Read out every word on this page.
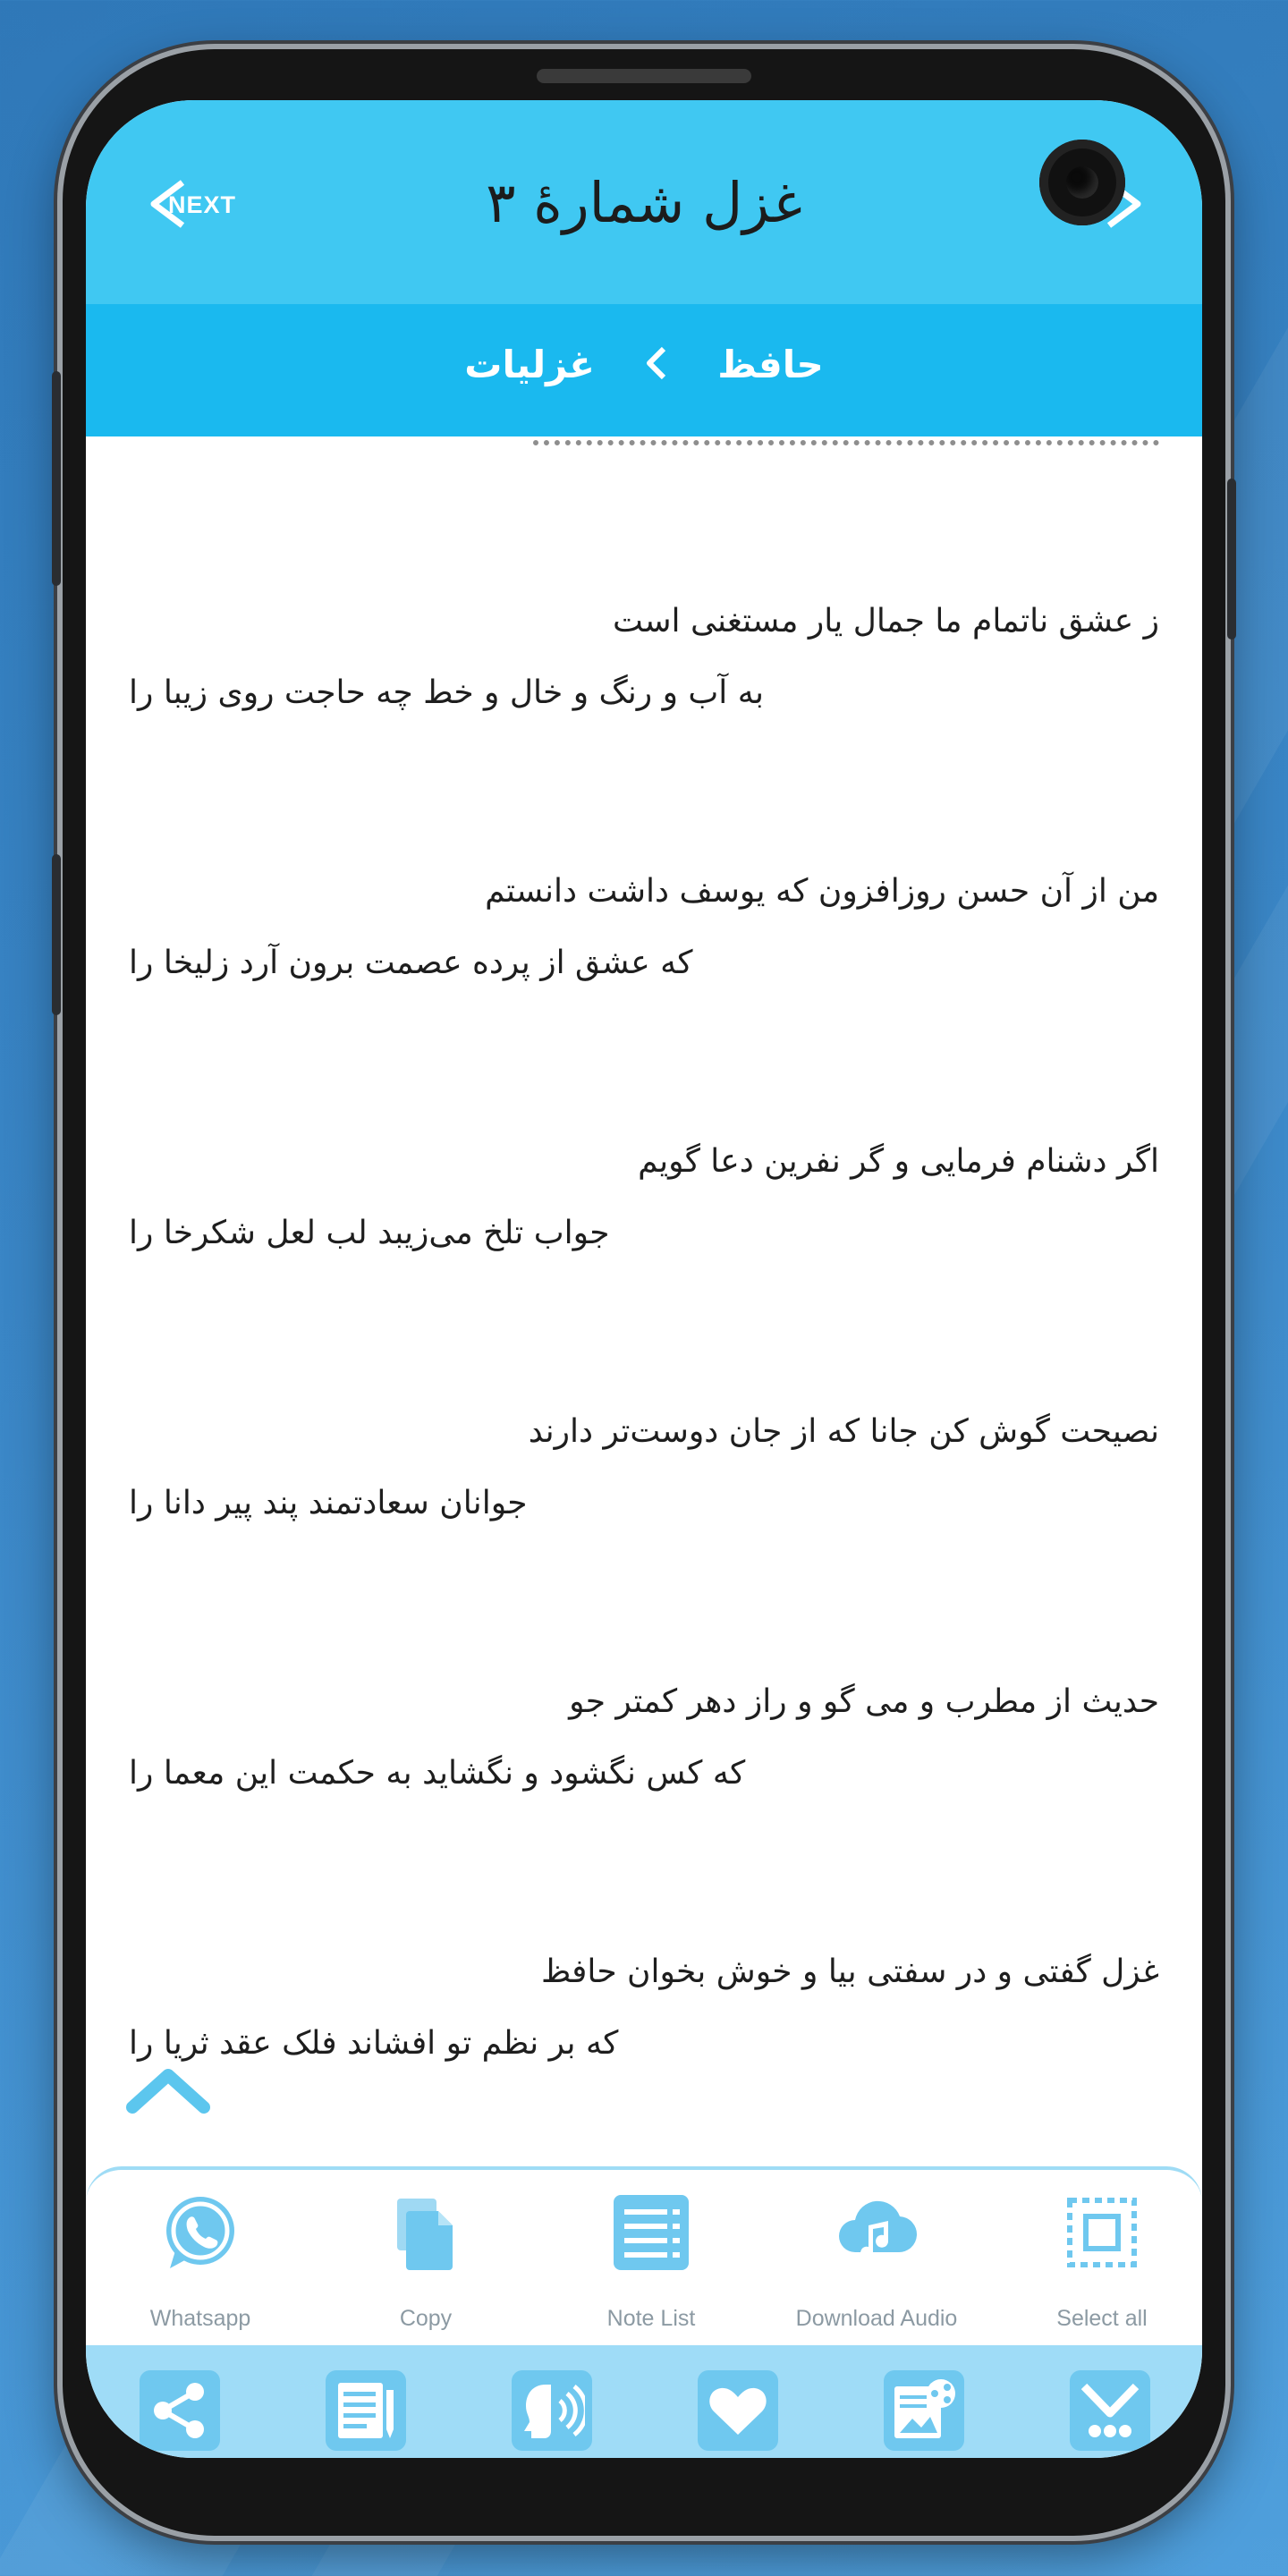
NEXT	غزل شمارهٔ ۳
حافظ  غزلیات
ز عشق ناتمام ما جمال یار مستغنی است
به آب و رنگ و خال و خط چه حاجت روی زیبا را
من از آن حسن روزافزون که یوسف داشت دانستم
که عشق از پرده عصمت برون آرد زلیخا را
اگر دشنام فرمایی و گر نفرین دعا گویم
جواب تلخ می‌زیبد لب لعل شکرخا را
نصیحت گوش کن جانا که از جان دوست‌تر دارند
جوانان سعادتمند پند پیر دانا را
حدیث از مطرب و می گو و راز دهر کمتر جو
که کس نگشود و نگشاید به حکمت این معما را
غزل گفتی و در سفتی بیا و خوش بخوان حافظ
که بر نظم تو افشاند فلک عقد ثریا را
Whatsapp	Copy	Note List	Download Audio	Select all
